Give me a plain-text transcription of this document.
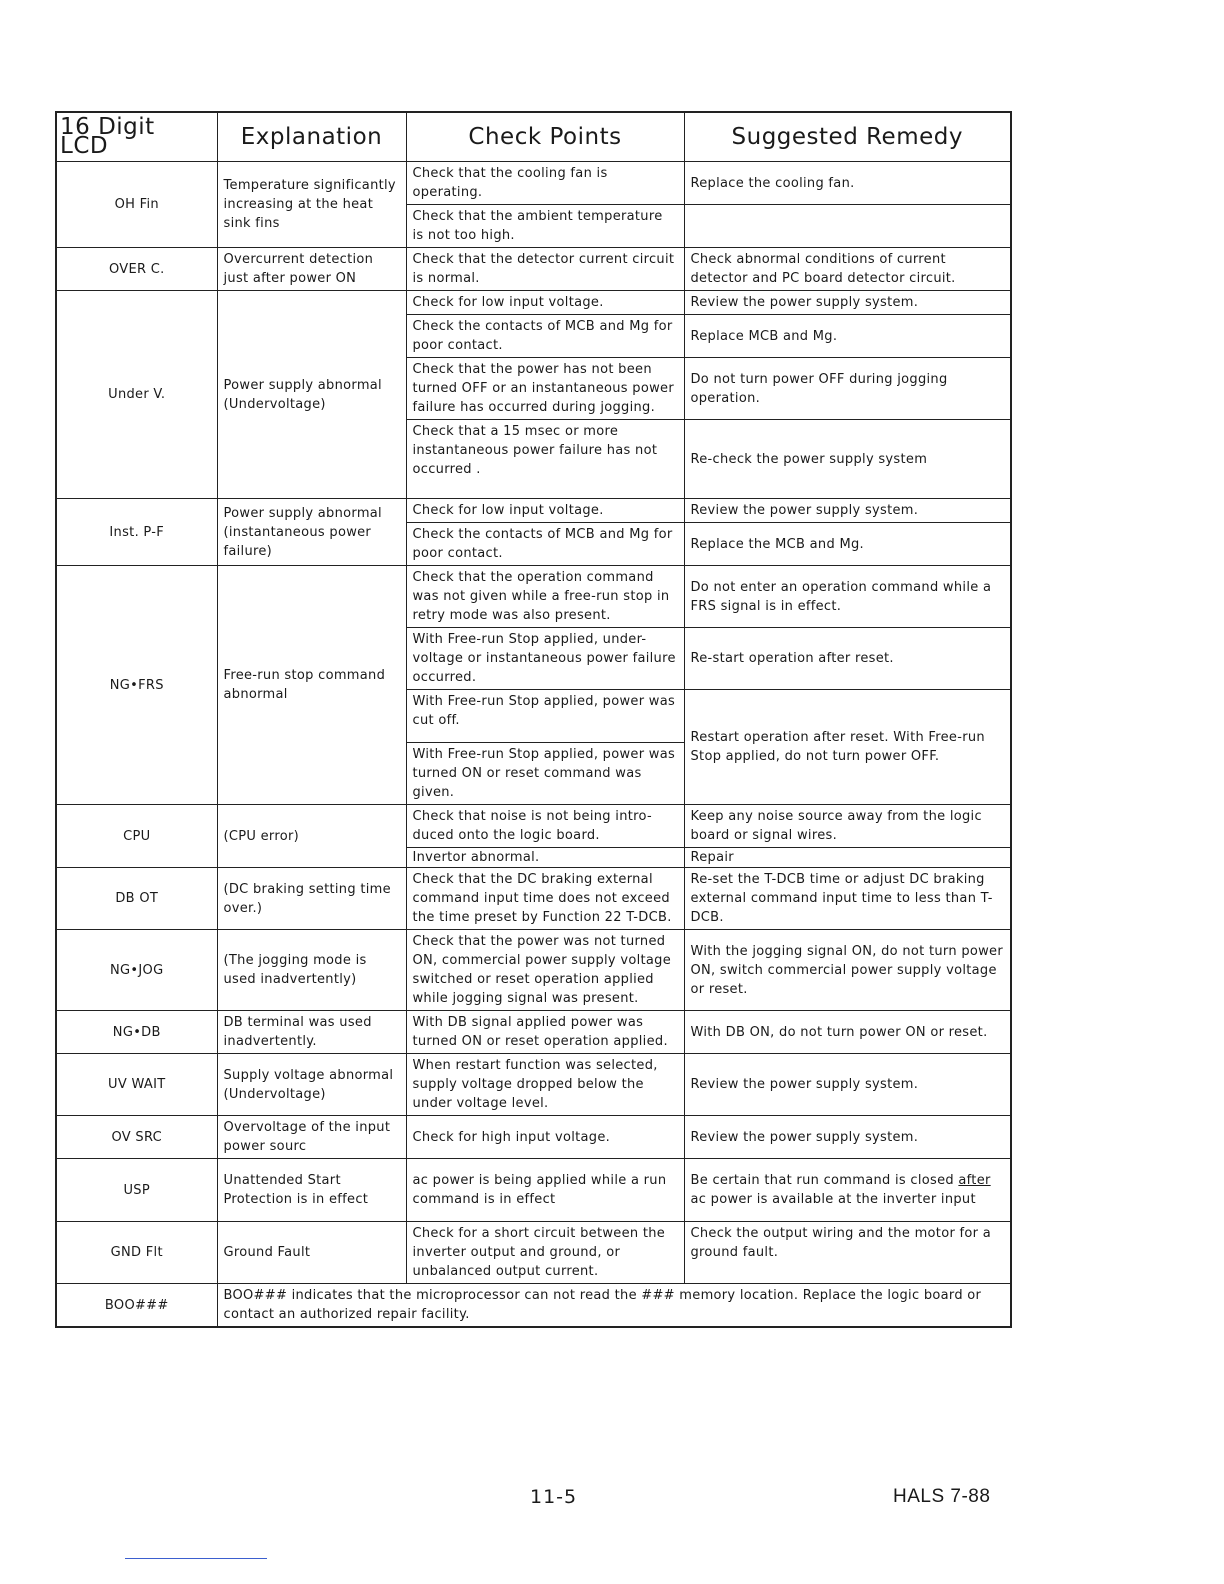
16 Digit LCD	Explanation	Check Points	Suggested Remedy
OH Fin	Temperature significantly increasing at the heat sink fins	Check that the cooling fan is operating.	Replace the cooling fan.
		Check that the ambient temperature is not too high.	
OVER C.	Overcurrent detection just after power ON	Check that the detector current circuit is normal.	Check abnormal conditions of current detector and PC board detector circuit.
Under V.	Power supply abnormal (Undervoltage)	Check for low input voltage.	Review the power supply system.
		Check the contacts of MCB and Mg for poor contact.	Replace MCB and Mg.
		Check that the power has not been turned OFF or an instantaneous power failure has occurred during jogging.	Do not turn power OFF during jogging operation.
		Check that a 15 msec or more instantaneous power failure has not occurred .	Re-check the power supply system
Inst. P-F	Power supply abnormal (instantaneous power failure)	Check for low input voltage.	Review the power supply system.
		Check the contacts of MCB and Mg for poor contact.	Replace the MCB and Mg.
NG•FRS	Free-run stop command abnormal	Check that the operation command was not given while a free-run stop in retry mode was also present.	Do not enter an operation command while a FRS signal is in effect.
		With Free-run Stop applied, under-voltage or instantaneous power failure occurred.	Re-start operation after reset.
		With Free-run Stop applied, power was cut off.	Restart operation after reset. With Free-run Stop applied, do not turn power OFF.
		With Free-run Stop applied, power was turned ON or reset command was given.	
CPU	(CPU error)	Check that noise is not being intro- duced onto the logic board.	Keep any noise source away from the logic board or signal wires.
		Invertor abnormal.	Repair
DB OT	(DC braking setting time over.)	Check that the DC braking external command input time does not exceed the time preset by Function 22 T-DCB.	Re-set the T-DCB time or adjust DC braking external command input time to less than T-DCB.
NG•JOG	(The jogging mode is used inadvertently)	Check that the power was not turned ON, commercial power supply voltage switched or reset operation applied while jogging signal was present.	With the jogging signal ON, do not turn power ON, switch commercial power supply voltage or reset.
NG•DB	DB terminal was used inadvertently.	With DB signal applied power was turned ON or reset operation applied.	With DB ON, do not turn power ON or reset.
UV WAIT	Supply voltage abnormal (Undervoltage)	When restart function was selected, supply voltage dropped below the under voltage level.	Review the power supply system.
OV SRC	Overvoltage of the input power sourc	Check for high input voltage.	Review the power supply system.
USP	Unattended Start Protection is in effect	ac power is being applied while a run command is in effect	Be certain that run command is closed after ac power is available at the inverter input
GND Flt	Ground Fault	Check for a short circuit between the inverter output and ground, or unbalanced output current.	Check the output wiring and the motor for a ground fault.
BOO###	BOO### indicates that the microprocessor can not read the ### memory location. Replace the logic board or contact an authorized repair facility.		
11-5	HALS 7-88
